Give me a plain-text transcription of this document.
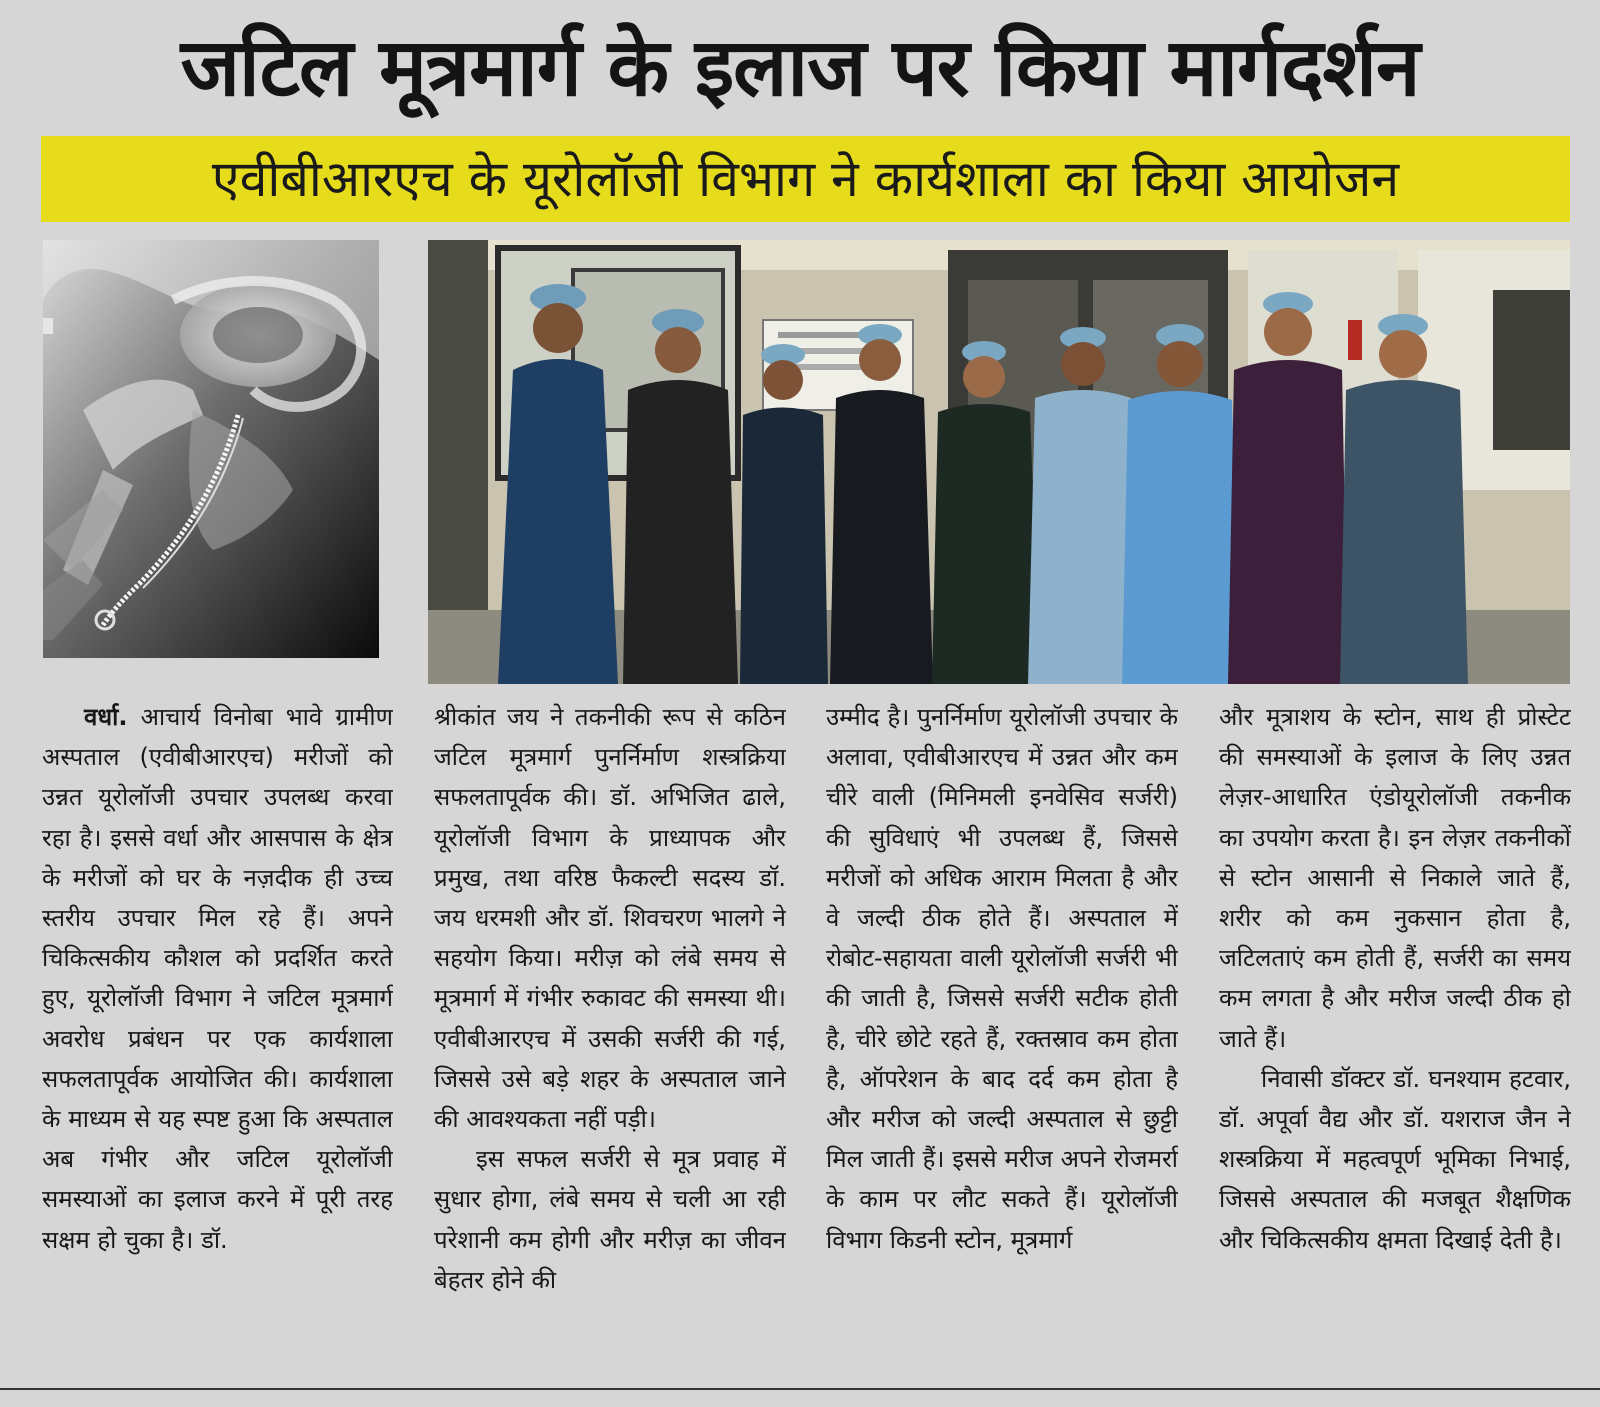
जटिल मूत्रमार्ग के इलाज पर किया मार्गदर्शन
एवीबीआरएच के यूरोलॉजी विभाग ने कार्यशाला का किया आयोजन

वर्धा. आचार्य विनोबा भावे ग्रामीण अस्पताल (एवीबीआरएच) मरीजों को उन्नत यूरोलॉजी उपचार उपलब्ध करवा रहा है। इससे वर्धा और आसपास के क्षेत्र के मरीजों को घर के नज़दीक ही उच्च स्तरीय उपचार मिल रहे हैं। अपने चिकित्सकीय कौशल को प्रदर्शित करते हुए, यूरोलॉजी विभाग ने जटिल मूत्रमार्ग अवरोध प्रबंधन पर एक कार्यशाला सफलतापूर्वक आयोजित की। कार्यशाला के माध्यम से यह स्पष्ट हुआ कि अस्पताल अब गंभीर और जटिल यूरोलॉजी समस्याओं का इलाज करने में पूरी तरह सक्षम हो चुका है। डॉ.

श्रीकांत जय ने तकनीकी रूप से कठिन जटिल मूत्रमार्ग पुनर्निर्माण शस्त्रक्रिया सफलतापूर्वक की। डॉ. अभिजित ढाले, यूरोलॉजी विभाग के प्राध्यापक और प्रमुख, तथा वरिष्ठ फैकल्टी सदस्य डॉ. जय धरमशी और डॉ. शिवचरण भालगे ने सहयोग किया। मरीज़ को लंबे समय से मूत्रमार्ग में गंभीर रुकावट की समस्या थी। एवीबीआरएच में उसकी सर्जरी की गई, जिससे उसे बड़े शहर के अस्पताल जाने की आवश्यकता नहीं पड़ी।

इस सफल सर्जरी से मूत्र प्रवाह में सुधार होगा, लंबे समय से चली आ रही परेशानी कम होगी और मरीज़ का जीवन बेहतर होने की

उम्मीद है। पुनर्निर्माण यूरोलॉजी उपचार के अलावा, एवीबीआरएच में उन्नत और कम चीरे वाली (मिनिमली इनवेसिव सर्जरी) की सुविधाएं भी उपलब्ध हैं, जिससे मरीजों को अधिक आराम मिलता है और वे जल्दी ठीक होते हैं। अस्पताल में रोबोट-सहायता वाली यूरोलॉजी सर्जरी भी की जाती है, जिससे सर्जरी सटीक होती है, चीरे छोटे रहते हैं, रक्तस्राव कम होता है, ऑपरेशन के बाद दर्द कम होता है और मरीज को जल्दी अस्पताल से छुट्टी मिल जाती हैं। इससे मरीज अपने रोजमर्रा के काम पर लौट सकते हैं। यूरोलॉजी विभाग किडनी स्टोन, मूत्रमार्ग

और मूत्राशय के स्टोन, साथ ही प्रोस्टेट की समस्याओं के इलाज के लिए उन्नत लेज़र-आधारित एंडोयूरोलॉजी तकनीक का उपयोग करता है। इन लेज़र तकनीकों से स्टोन आसानी से निकाले जाते हैं, शरीर को कम नुकसान होता है, जटिलताएं कम होती हैं, सर्जरी का समय कम लगता है और मरीज जल्दी ठीक हो जाते हैं।

निवासी डॉक्टर डॉ. घनश्याम हटवार, डॉ. अपूर्वा वैद्य और डॉ. यशराज जैन ने शस्त्रक्रिया में महत्वपूर्ण भूमिका निभाई, जिससे अस्पताल की मजबूत शैक्षणिक और चिकित्सकीय क्षमता दिखाई देती है।
